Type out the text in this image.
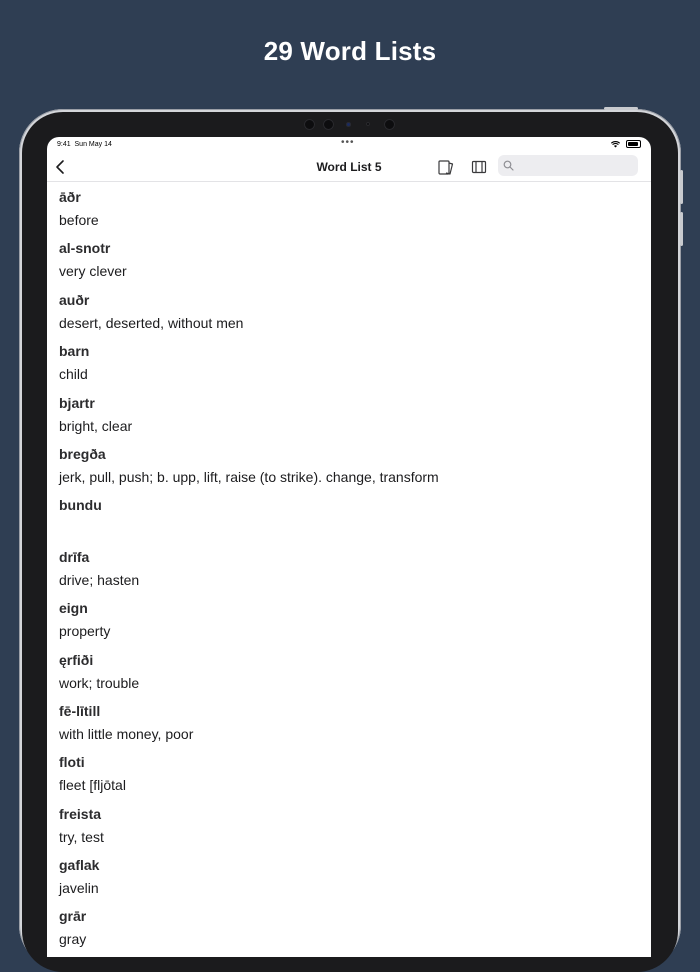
29 Word Lists
9:41 Sun May 14	•••

Word List 5
āðr
before
al-snotr
very clever
auðr
desert, deserted, without men
barn
child
bjartr
bright, clear
bregða
jerk, pull, push; b. upp, lift, raise (to strike). change, transform
bundu
drīfa
drive; hasten
eign
property
ęrfiði
work; trouble
fē-lītill
with little money, poor
floti
fleet [fljōtal
freista
try, test
gaflak
javelin
grār
gray
